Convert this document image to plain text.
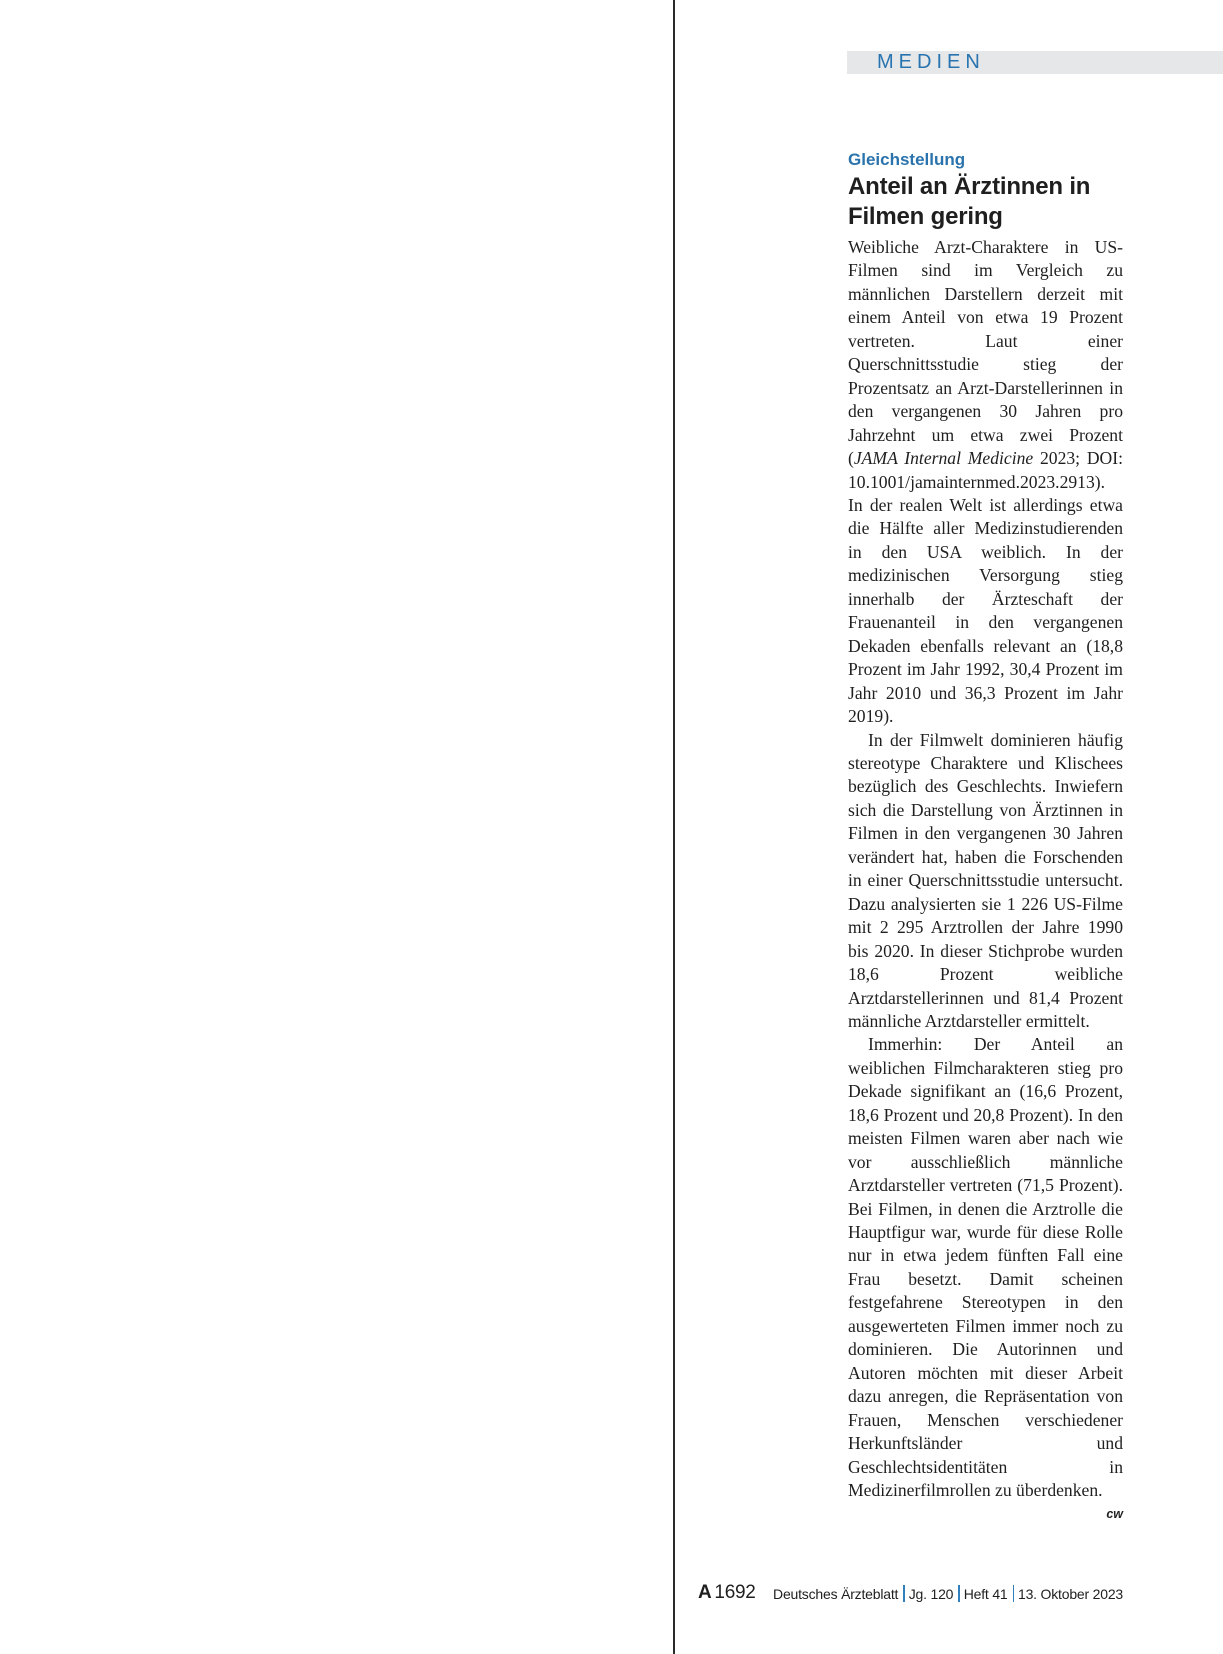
MEDIEN

Gleichstellung

Anteil an Ärztinnen in
Filmen gering

Weibliche Arzt-Charaktere in US-Filmen sind im Vergleich zu männlichen Darstellern derzeit mit einem Anteil von etwa 19 Prozent vertreten. Laut einer Querschnittsstudie stieg der Prozentsatz an Arzt-Darstellerinnen in den vergangenen 30 Jahren pro Jahrzehnt um etwa zwei Prozent (JAMA Internal Medicine 2023; DOI: 10.1001/jamainternmed.2023.2913). In der realen Welt ist allerdings etwa die Hälfte aller Medizinstudierenden in den USA weiblich. In der medizinischen Versorgung stieg innerhalb der Ärzteschaft der Frauenanteil in den vergangenen Dekaden ebenfalls relevant an (18,8 Prozent im Jahr 1992, 30,4 Prozent im Jahr 2010 und 36,3 Prozent im Jahr 2019).

In der Filmwelt dominieren häufig stereotype Charaktere und Klischees bezüglich des Geschlechts. Inwiefern sich die Darstellung von Ärztinnen in Filmen in den vergangenen 30 Jahren verändert hat, haben die Forschenden in einer Querschnittsstudie untersucht. Dazu analysierten sie 1 226 US-Filme mit 2 295 Arztrollen der Jahre 1990 bis 2020. In dieser Stichprobe wurden 18,6 Prozent weibliche Arztdarstellerinnen und 81,4 Prozent männliche Arztdarsteller ermittelt.

Immerhin: Der Anteil an weiblichen Filmcharakteren stieg pro Dekade signifikant an (16,6 Prozent, 18,6 Prozent und 20,8 Prozent). In den meisten Filmen waren aber nach wie vor ausschließlich männliche Arztdarsteller vertreten (71,5 Prozent). Bei Filmen, in denen die Arztrolle die Hauptfigur war, wurde für diese Rolle nur in etwa jedem fünften Fall eine Frau besetzt. Damit scheinen festgefahrene Stereotypen in den ausgewerteten Filmen immer noch zu dominieren. Die Autorinnen und Autoren möchten mit dieser Arbeit dazu anregen, die Repräsentation von Frauen, Menschen verschiedener Herkunftsländer und Geschlechtsidentitäten in Medizinerfilmrollen zu überdenken.
cw

A 1692 Deutsches Ärzteblatt Jg. 120 Heft 41 13. Oktober 2023
